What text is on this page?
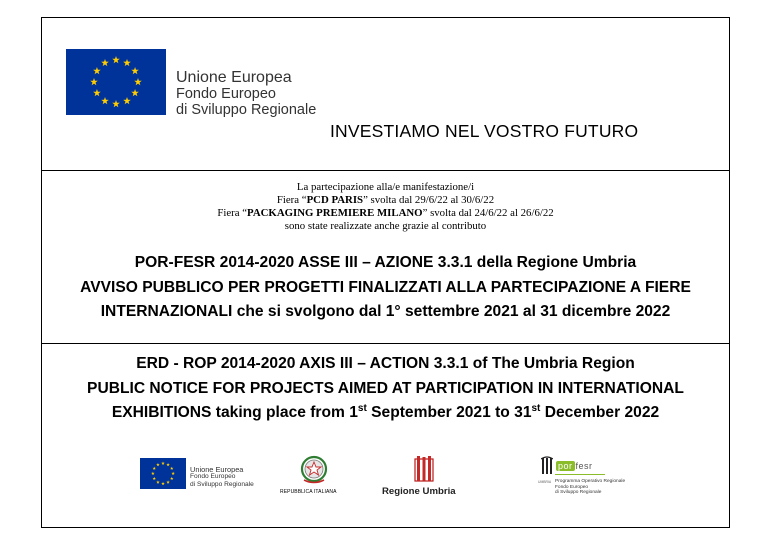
Unione Europea
Fondo Europeo
di Sviluppo Regionale
INVESTIAMO NEL VOSTRO FUTURO
La partecipazione alla/e manifestazione/i
Fiera “PCD PARIS” svolta dal 29/6/22 al 30/6/22
Fiera “PACKAGING PREMIERE MILANO” svolta dal 24/6/22 al 26/6/22
sono state realizzate anche grazie al contributo
POR-FESR 2014-2020 ASSE III – AZIONE 3.3.1 della Regione Umbria
AVVISO PUBBLICO PER PROGETTI FINALIZZATI ALLA PARTECIPAZIONE A FIERE
INTERNAZIONALI che si svolgono dal 1° settembre 2021 al 31 dicembre 2022
ERD - ROP 2014-2020 AXIS III – ACTION 3.3.1 of The Umbria Region
PUBLIC NOTICE FOR PROJECTS AIMED AT PARTICIPATION IN INTERNATIONAL
EXHIBITIONS taking place from 1st September 2021 to 31st December 2022
Unione Europea
Fondo Europeo
di Sviluppo Regionale
REPUBBLICA ITALIANA	Regione Umbria
UMBRIA
por fesr
Programma Operativo Regionale
Fondo Europeo
di Sviluppo Regionale
